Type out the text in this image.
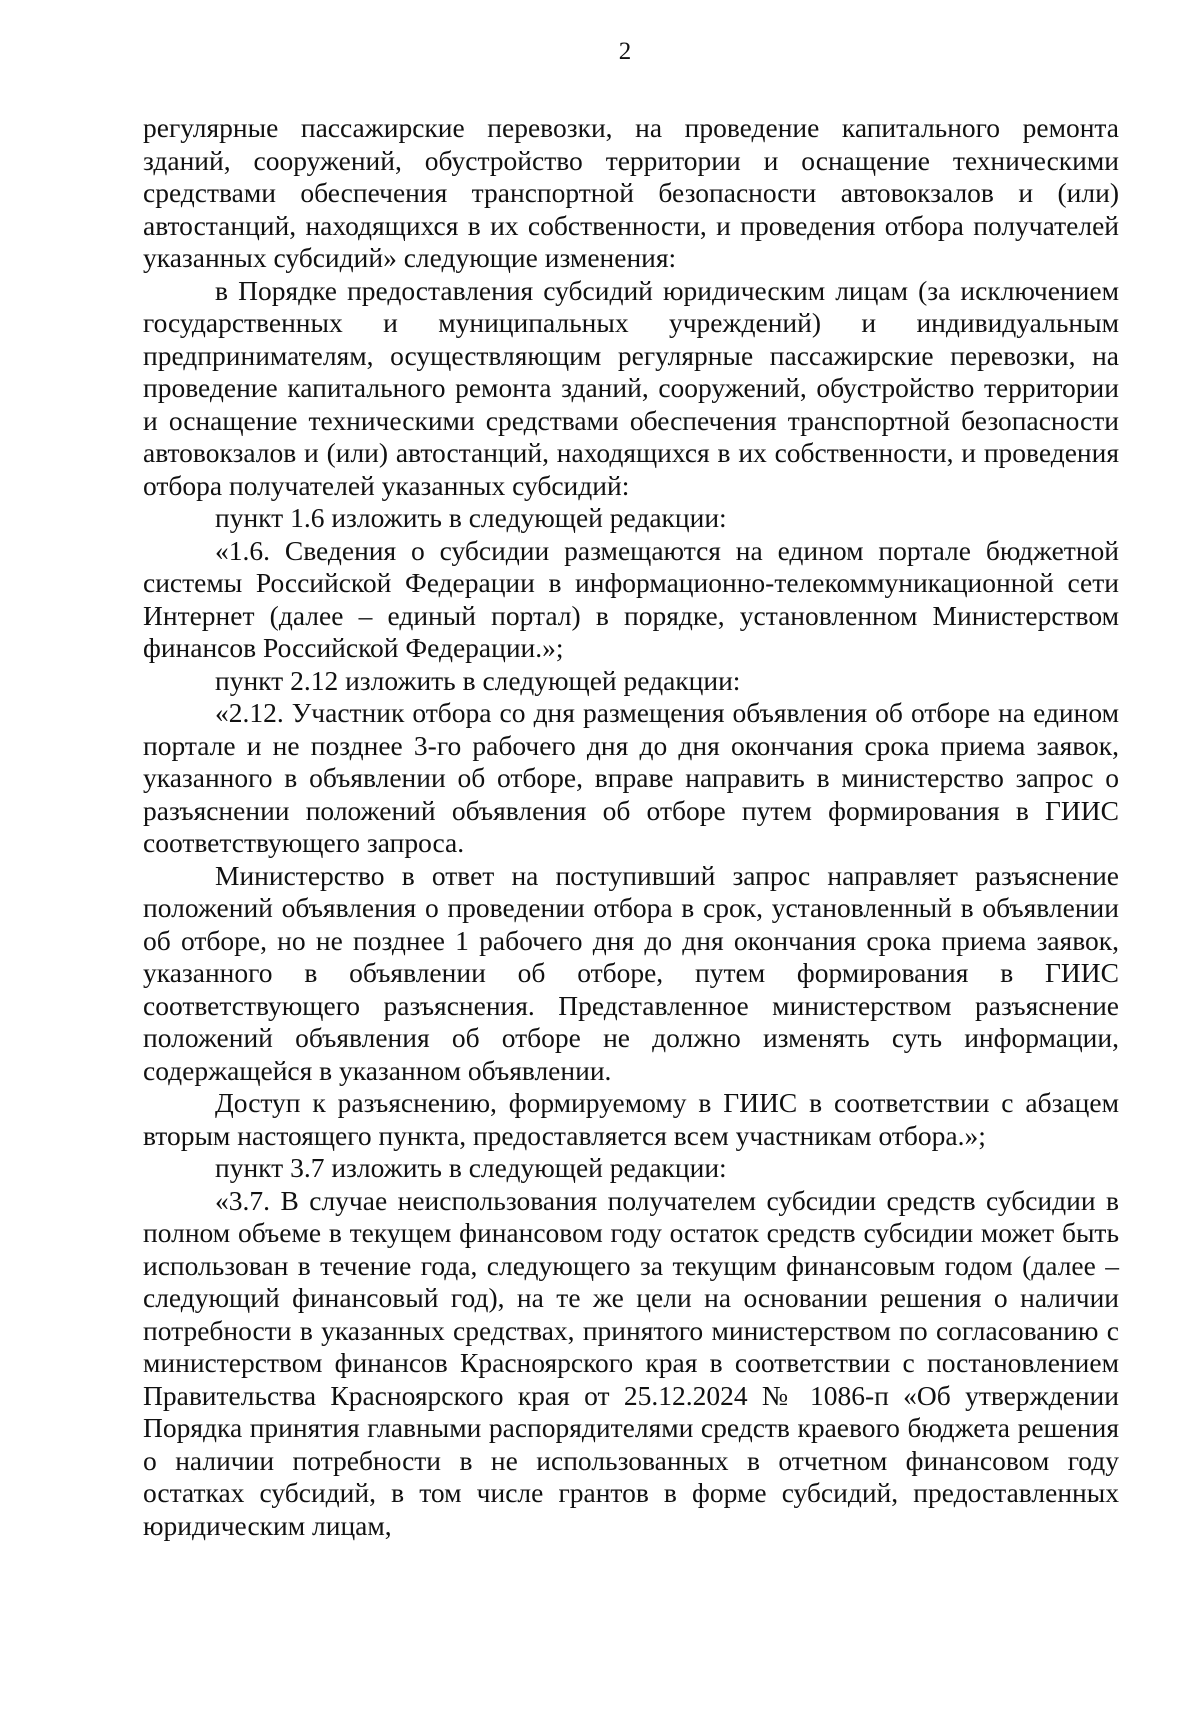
2

регулярные пассажирские перевозки, на проведение капитального ремонта зданий, сооружений, обустройство территории и оснащение техническими средствами обеспечения транспортной безопасности автовокзалов и (или) автостанций, находящихся в их собственности, и проведения отбора получателей указанных субсидий» следующие изменения:

в Порядке предоставления субсидий юридическим лицам (за исключением государственных и муниципальных учреждений) и индивидуальным предпринимателям, осуществляющим регулярные пассажирские перевозки, на проведение капитального ремонта зданий, сооружений, обустройство территории и оснащение техническими средствами обеспечения транспортной безопасности автовокзалов и (или) автостанций, находящихся в их собственности, и проведения отбора получателей указанных субсидий:

пункт 1.6 изложить в следующей редакции:

«1.6. Сведения о субсидии размещаются на едином портале бюджетной системы Российской Федерации в информационно-телекоммуникационной сети Интернет (далее – единый портал) в порядке, установленном Министерством финансов Российской Федерации.»;

пункт 2.12 изложить в следующей редакции:

«2.12. Участник отбора со дня размещения объявления об отборе на едином портале и не позднее 3-го рабочего дня до дня окончания срока приема заявок, указанного в объявлении об отборе, вправе направить в министерство запрос о разъяснении положений объявления об отборе путем формирования в ГИИС соответствующего запроса.

Министерство в ответ на поступивший запрос направляет разъяснение положений объявления о проведении отбора в срок, установленный в объявлении об отборе, но не позднее 1 рабочего дня до дня окончания срока приема заявок, указанного в объявлении об отборе, путем формирования в ГИИС соответствующего разъяснения. Представленное министерством разъяснение положений объявления об отборе не должно изменять суть информации, содержащейся в указанном объявлении.

Доступ к разъяснению, формируемому в ГИИС в соответствии с абзацем вторым настоящего пункта, предоставляется всем участникам отбора.»;

пункт 3.7 изложить в следующей редакции:

«3.7. В случае неиспользования получателем субсидии средств субсидии в полном объеме в текущем финансовом году остаток средств субсидии может быть использован в течение года, следующего за текущим финансовым годом (далее – следующий финансовый год), на те же цели на основании решения о наличии потребности в указанных средствах, принятого министерством по согласованию с министерством финансов Красноярского края в соответствии с постановлением Правительства Красноярского края от 25.12.2024 № 1086-п «Об утверждении Порядка принятия главными распорядителями средств краевого бюджета решения о наличии потребности в не использованных в отчетном финансовом году остатках субсидий, в том числе грантов в форме субсидий, предоставленных юридическим лицам,
